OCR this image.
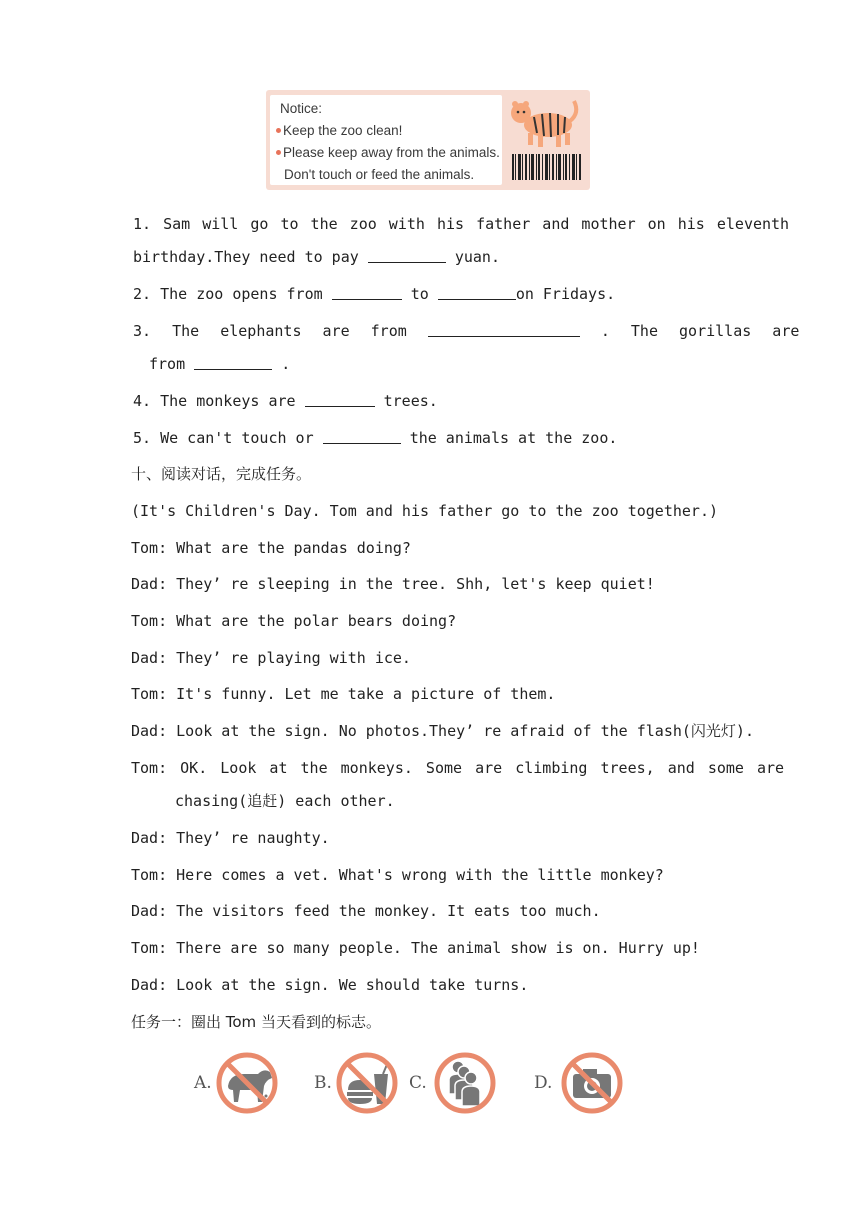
Notice:
Keep the zoo clean!
Please keep away from the animals.
Don't touch or feed the animals.
1. Sam will go to the zoo with his father and mother on his eleventh
birthday.They need to pay	yuan.
2. The zoo opens from	to	on Fridays.
3. The elephants are from	. The gorillas are
from	.
4. The monkeys are	trees.
5. We can't touch or	the animals at the zoo.
十、阅读对话，完成任务。
(It's Children's Day. Tom and his father go to the zoo together.)
Tom: What are the pandas doing?
Dad: They’ re sleeping in the tree. Shh, let's keep quiet!
Tom: What are the polar bears doing?
Dad: They’ re playing with ice.
Tom: It's funny. Let me take a picture of them.
Dad: Look at the sign. No photos.They’ re afraid of the flash(闪光灯).
Tom: OK. Look at the monkeys. Some are climbing trees, and some are
chasing(追赶) each other.
Dad: They’ re naughty.
Tom: Here comes a vet. What's wrong with the little monkey?
Dad: The visitors feed the monkey. It eats too much.
Tom: There are so many people. The animal show is on. Hurry up!
Dad: Look at the sign. We should take turns.
任务一：圈出 Tom 当天看到的标志。
A.	B.	C.	D.
